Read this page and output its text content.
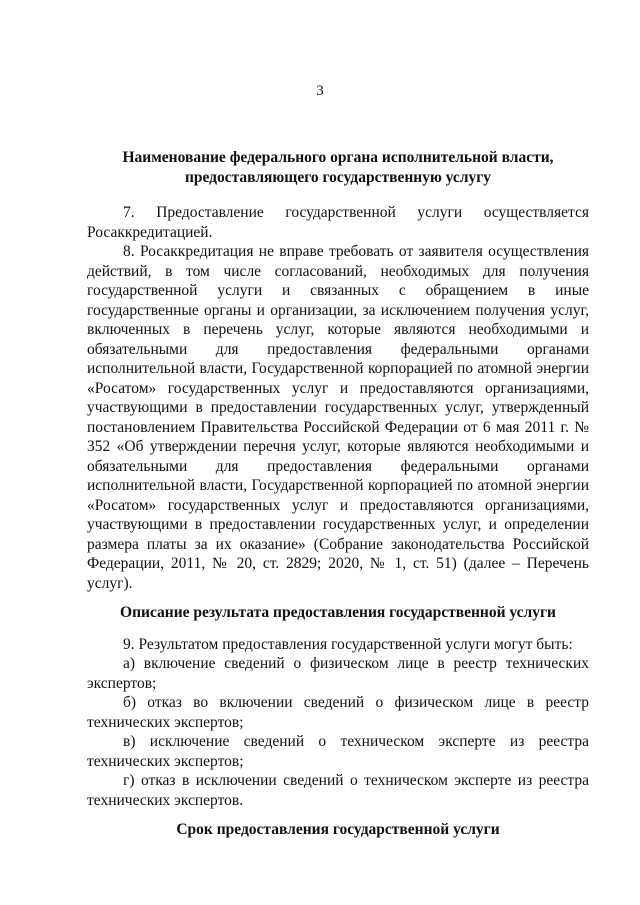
3
Наименование федерального органа исполнительной власти,
предоставляющего государственную услугу

7. Предоставление государственной услуги осуществляется Росаккредитацией.

8. Росаккредитация не вправе требовать от заявителя осуществления действий, в том числе согласований, необходимых для получения государственной услуги и связанных с обращением в иные государственные органы и организации, за исключением получения услуг, включенных в перечень услуг, которые являются необходимыми и обязательными для предоставления федеральными органами исполнительной власти, Государственной корпорацией по атомной энергии «Росатом» государственных услуг и предоставляются организациями, участвующими в предоставлении государственных услуг, утвержденный постановлением Правительства Российской Федерации от 6 мая 2011 г. № 352 «Об утверждении перечня услуг, которые являются необходимыми и обязательными для предоставления федеральными органами исполнительной власти, Государственной корпорацией по атомной энергии «Росатом» государственных услуг и предоставляются организациями, участвующими в предоставлении государственных услуг, и определении размера платы за их оказание» (Собрание законодательства Российской Федерации, 2011, № 20, ст. 2829; 2020, № 1, ст. 51) (далее – Перечень услуг).

Описание результата предоставления государственной услуги

9. Результатом предоставления государственной услуги могут быть:

а) включение сведений о физическом лице в реестр технических экспертов;

б) отказ во включении сведений о физическом лице в реестр технических экспертов;

в) исключение сведений о техническом эксперте из реестра технических экспертов;

г) отказ в исключении сведений о техническом эксперте из реестра технических экспертов.

Срок предоставления государственной услуги
